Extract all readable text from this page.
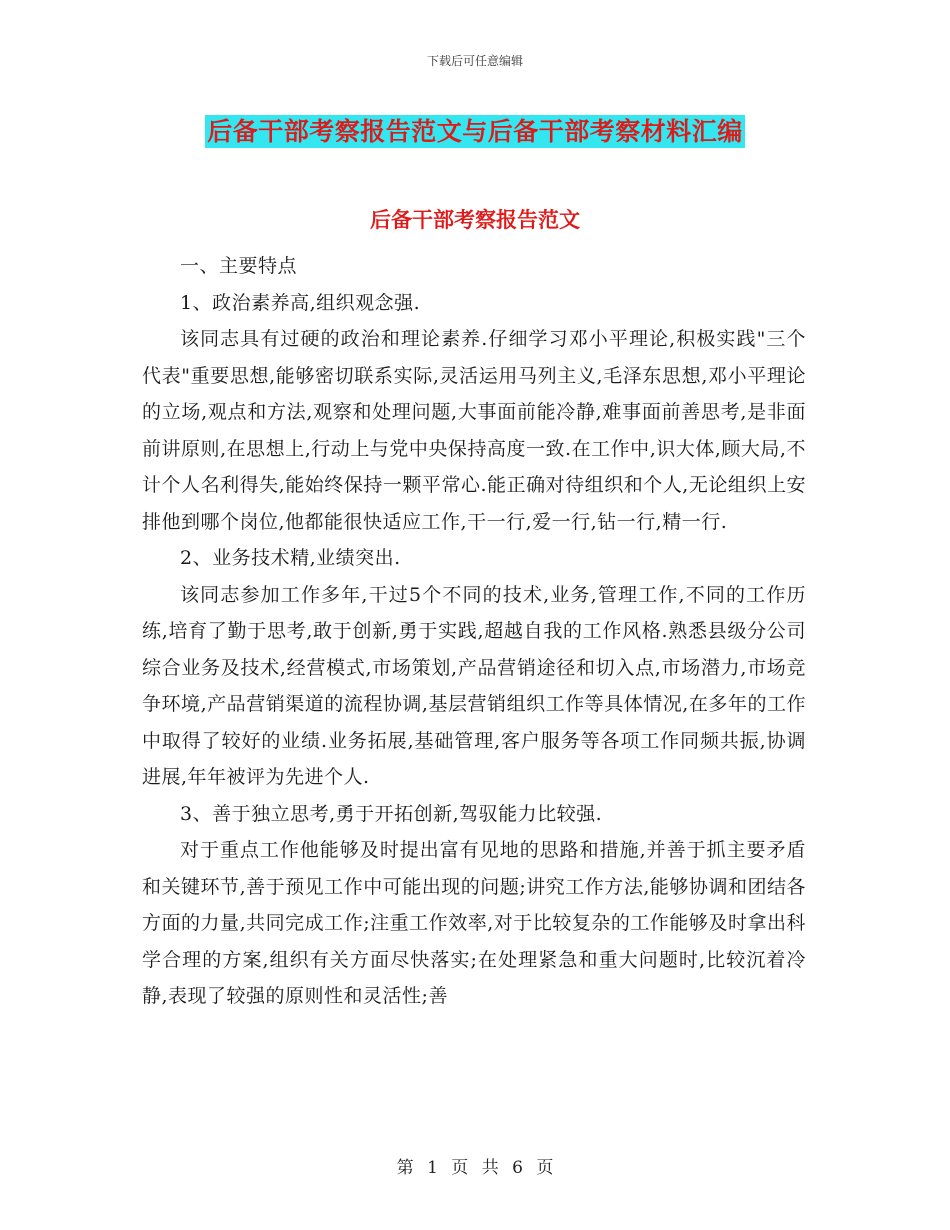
下载后可任意编辑
后备干部考察报告范文与后备干部考察材料汇编
后备干部考察报告范文

一、主要特点

1、政治素养高,组织观念强.

该同志具有过硬的政治和理论素养.仔细学习邓小平理论,积极实践"三个代表"重要思想,能够密切联系实际,灵活运用马列主义,毛泽东思想,邓小平理论的立场,观点和方法,观察和处理问题,大事面前能冷静,难事面前善思考,是非面前讲原则,在思想上,行动上与党中央保持高度一致.在工作中,识大体,顾大局,不计个人名利得失,能始终保持一颗平常心.能正确对待组织和个人,无论组织上安排他到哪个岗位,他都能很快适应工作,干一行,爱一行,钻一行,精一行.

2、业务技术精,业绩突出.

该同志参加工作多年,干过5个不同的技术,业务,管理工作,不同的工作历练,培育了勤于思考,敢于创新,勇于实践,超越自我的工作风格.熟悉县级分公司综合业务及技术,经营模式,市场策划,产品营销途径和切入点,市场潜力,市场竞争环境,产品营销渠道的流程协调,基层营销组织工作等具体情况,在多年的工作中取得了较好的业绩.业务拓展,基础管理,客户服务等各项工作同频共振,协调进展,年年被评为先进个人.

3、善于独立思考,勇于开拓创新,驾驭能力比较强.

对于重点工作他能够及时提出富有见地的思路和措施,并善于抓主要矛盾和关键环节,善于预见工作中可能出现的问题;讲究工作方法,能够协调和团结各方面的力量,共同完成工作;注重工作效率,对于比较复杂的工作能够及时拿出科学合理的方案,组织有关方面尽快落实;在处理紧急和重大问题时,比较沉着冷静,表现了较强的原则性和灵活性;善

第 1 页 共 6 页
